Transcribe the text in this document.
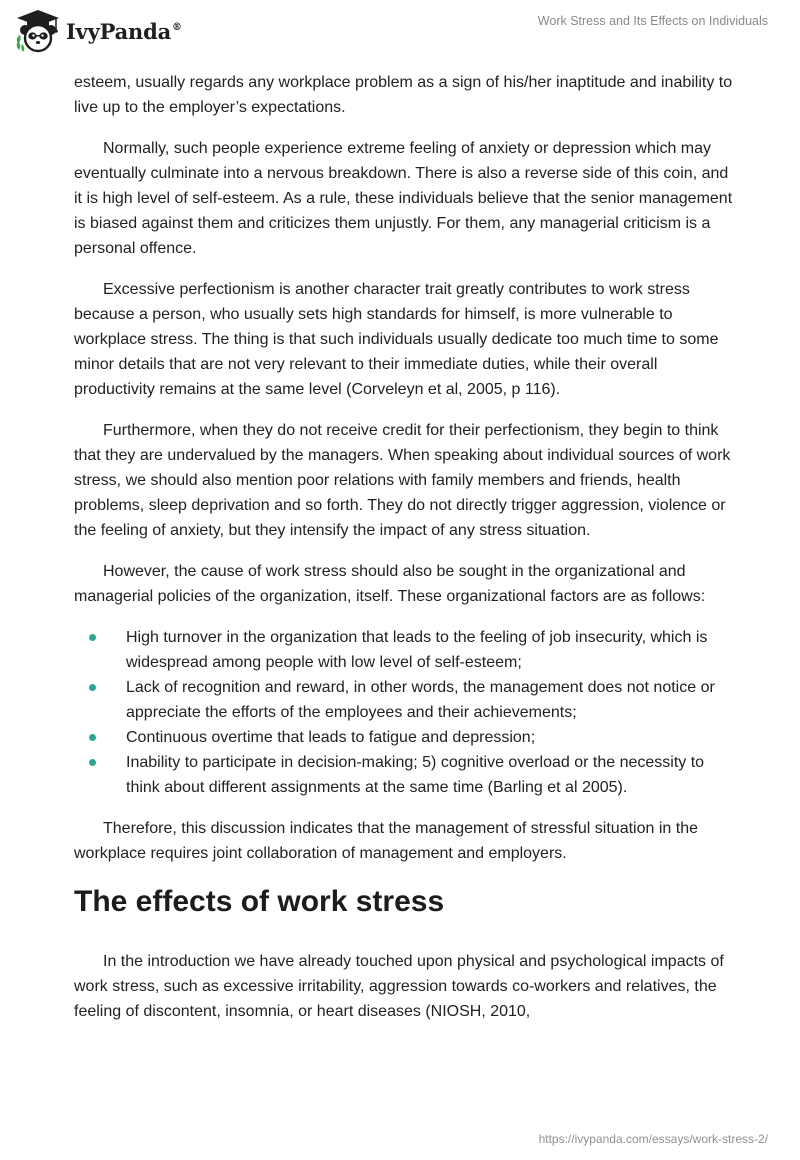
IvyPanda®	Work Stress and Its Effects on Individuals

esteem, usually regards any workplace problem as a sign of his/her inaptitude and inability to live up to the employer’s expectations.

Normally, such people experience extreme feeling of anxiety or depression which may eventually culminate into a nervous breakdown. There is also a reverse side of this coin, and it is high level of self-esteem. As a rule, these individuals believe that the senior management is biased against them and criticizes them unjustly. For them, any managerial criticism is a personal offence.

Excessive perfectionism is another character trait greatly contributes to work stress because a person, who usually sets high standards for himself, is more vulnerable to workplace stress. The thing is that such individuals usually dedicate too much time to some minor details that are not very relevant to their immediate duties, while their overall productivity remains at the same level (Corveleyn et al, 2005, p 116).

Furthermore, when they do not receive credit for their perfectionism, they begin to think that they are undervalued by the managers. When speaking about individual sources of work stress, we should also mention poor relations with family members and friends, health problems, sleep deprivation and so forth. They do not directly trigger aggression, violence or the feeling of anxiety, but they intensify the impact of any stress situation.

However, the cause of work stress should also be sought in the organizational and managerial policies of the organization, itself. These organizational factors are as follows:

High turnover in the organization that leads to the feeling of job insecurity, which is widespread among people with low level of self-esteem;
Lack of recognition and reward, in other words, the management does not notice or appreciate the efforts of the employees and their achievements;
Continuous overtime that leads to fatigue and depression;
Inability to participate in decision-making; 5) cognitive overload or the necessity to think about different assignments at the same time (Barling et al 2005).

Therefore, this discussion indicates that the management of stressful situation in the workplace requires joint collaboration of management and employers.

The effects of work stress

In the introduction we have already touched upon physical and psychological impacts of work stress, such as excessive irritability, aggression towards co-workers and relatives, the feeling of discontent, insomnia, or heart diseases (NIOSH, 2010,

https://ivypanda.com/essays/work-stress-2/
